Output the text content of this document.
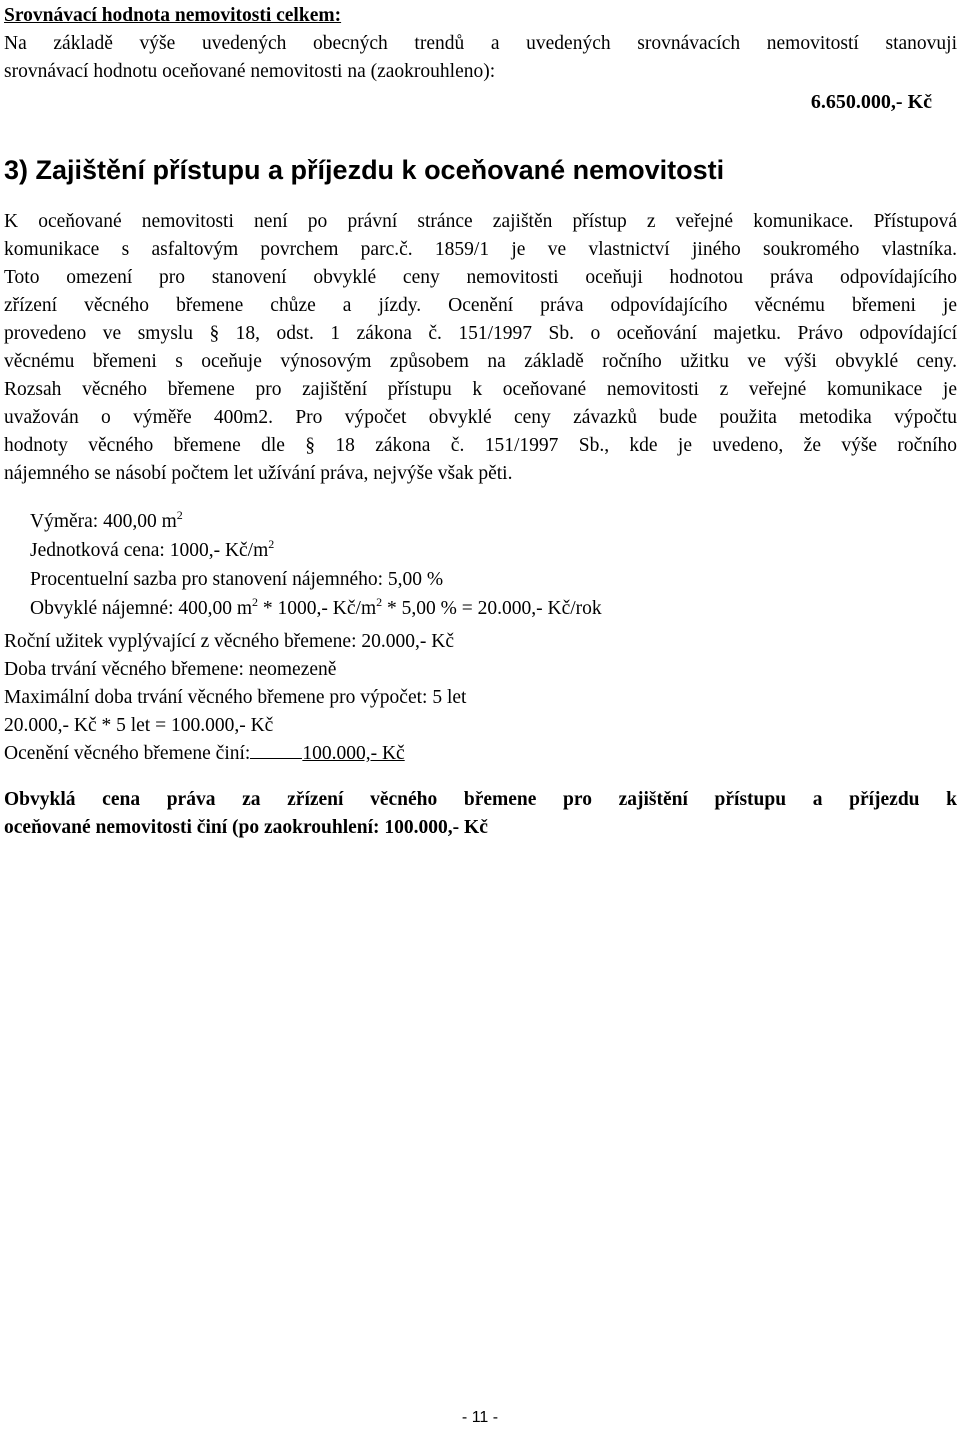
Srovnávací hodnota nemovitosti celkem:

Na základě výše uvedených obecných trendů a uvedených srovnávacích nemovitostí stanovuji

srovnávací hodnotu oceňované nemovitosti na (zaokrouhleno):

6.650.000,- Kč
3) Zajištění přístupu a příjezdu k oceňované nemovitosti

K oceňované nemovitosti není po právní stránce zajištěn přístup z veřejné komunikace. Přístupová

komunikace s asfaltovým povrchem parc.č. 1859/1 je ve vlastnictví jiného soukromého vlastníka.

Toto omezení pro stanovení obvyklé ceny nemovitosti oceňuji hodnotou práva odpovídajícího

zřízení věcného břemene chůze a jízdy. Ocenění práva odpovídajícího věcnému břemeni je

provedeno ve smyslu § 18, odst. 1 zákona č. 151/1997 Sb. o oceňování majetku. Právo odpovídající

věcnému břemeni s oceňuje výnosovým způsobem na základě ročního užitku ve výši obvyklé ceny.

Rozsah věcného břemene pro zajištění přístupu k oceňované nemovitosti z veřejné komunikace je

uvažován o výměře 400m2. Pro výpočet obvyklé ceny závazků bude použita metodika výpočtu

hodnoty věcného břemene dle § 18 zákona č. 151/1997 Sb., kde je uvedeno, že výše ročního

nájemného se násobí počtem let užívání práva, nejvýše však pěti.

Výměra: 400,00 $m^2$
Jednotková cena: 1000,- $Kč/m^2$
Procentuelní sazba pro stanovení nájemného: 5,00 %
Obvyklé nájemné: 400,00 $m^2 * 1000,-$ $Kč/m^2 * 5,00$ % = 20.000,- Kč/rok
Roční užitek vyplývající z věcného břemene: 20.000,- Kč
Doba trvání věcného břemene: neomezeně
Maximální doba trvání věcného břemene pro výpočet: 5 let
20.000,- Kč * 5 let = 100.000,- Kč
Ocenění věcného břemene činí:	100.000,- Kč

Obvyklá cena práva za zřízení věcného břemene pro zajištění přístupu a příjezdu k

oceňované nemovitosti činí (po zaokrouhlení: 100.000,- Kč

- 11 -
